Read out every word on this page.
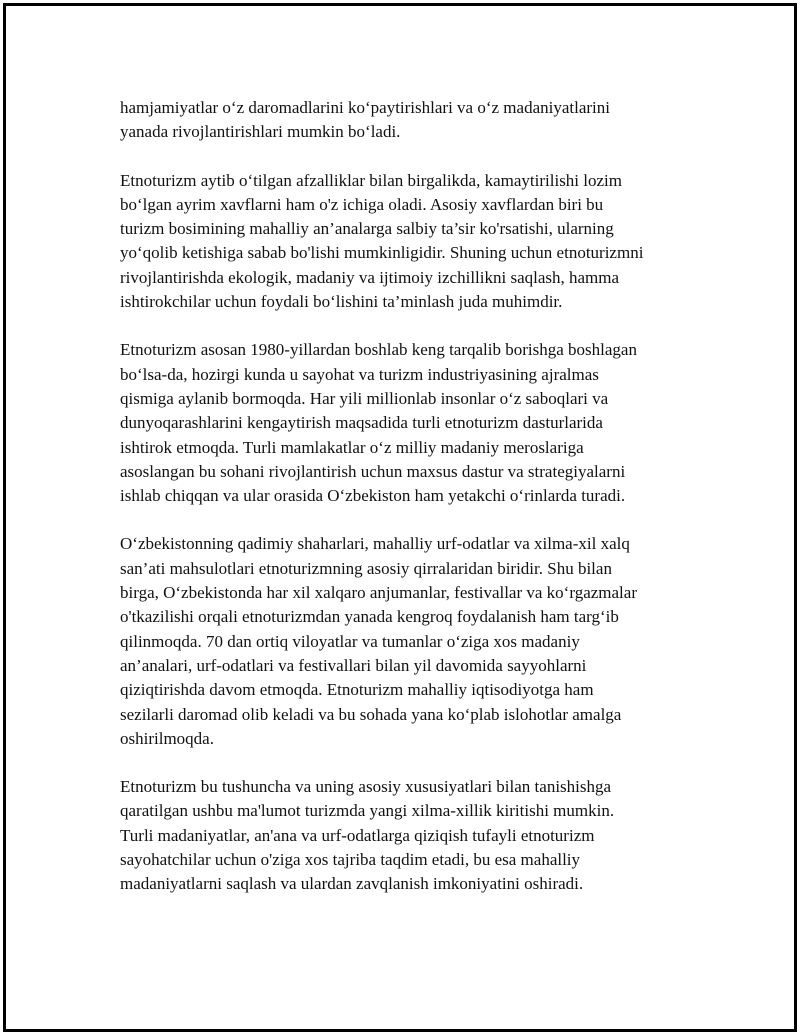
hamjamiyatlar o‘z daromadlarini ko‘paytirishlari va o‘z madaniyatlarini
yanada rivojlantirishlari mumkin bo‘ladi.

Etnoturizm aytib o‘tilgan afzalliklar bilan birgalikda, kamaytirilishi lozim
bo‘lgan ayrim xavflarni ham o'z ichiga oladi. Asosiy xavflardan biri bu
turizm bosimining mahalliy an’analarga salbiy ta’sir ko'rsatishi, ularning
yo‘qolib ketishiga sabab bo'lishi mumkinligidir. Shuning uchun etnoturizmni
rivojlantirishda ekologik, madaniy va ijtimoiy izchillikni saqlash, hamma
ishtirokchilar uchun foydali bo‘lishini ta’minlash juda muhimdir.

Etnoturizm asosan 1980-yillardan boshlab keng tarqalib borishga boshlagan
bo‘lsa-da, hozirgi kunda u sayohat va turizm industriyasining ajralmas
qismiga aylanib bormoqda. Har yili millionlab insonlar o‘z saboqlari va
dunyoqarashlarini kengaytirish maqsadida turli etnoturizm dasturlarida
ishtirok etmoqda. Turli mamlakatlar o‘z milliy madaniy meroslariga
asoslangan bu sohani rivojlantirish uchun maxsus dastur va strategiyalarni
ishlab chiqqan va ular orasida O‘zbekiston ham yetakchi o‘rinlarda turadi.

O‘zbekistonning qadimiy shaharlari, mahalliy urf-odatlar va xilma-xil xalq
san’ati mahsulotlari etnoturizmning asosiy qirralaridan biridir. Shu bilan
birga, O‘zbekistonda har xil xalqaro anjumanlar, festivallar va ko‘rgazmalar
o'tkazilishi orqali etnoturizmdan yanada kengroq foydalanish ham targ‘ib
qilinmoqda. 70 dan ortiq viloyatlar va tumanlar o‘ziga xos madaniy
an’analari, urf-odatlari va festivallari bilan yil davomida sayyohlarni
qiziqtirishda davom etmoqda. Etnoturizm mahalliy iqtisodiyotga ham
sezilarli daromad olib keladi va bu sohada yana ko‘plab islohotlar amalga
oshirilmoqda.

Etnoturizm bu tushuncha va uning asosiy xususiyatlari bilan tanishishga
qaratilgan ushbu ma'lumot turizmda yangi xilma-xillik kiritishi mumkin.
Turli madaniyatlar, an'ana va urf-odatlarga qiziqish tufayli etnoturizm
sayohatchilar uchun o'ziga xos tajriba taqdim etadi, bu esa mahalliy
madaniyatlarni saqlash va ulardan zavqlanish imkoniyatini oshiradi.
